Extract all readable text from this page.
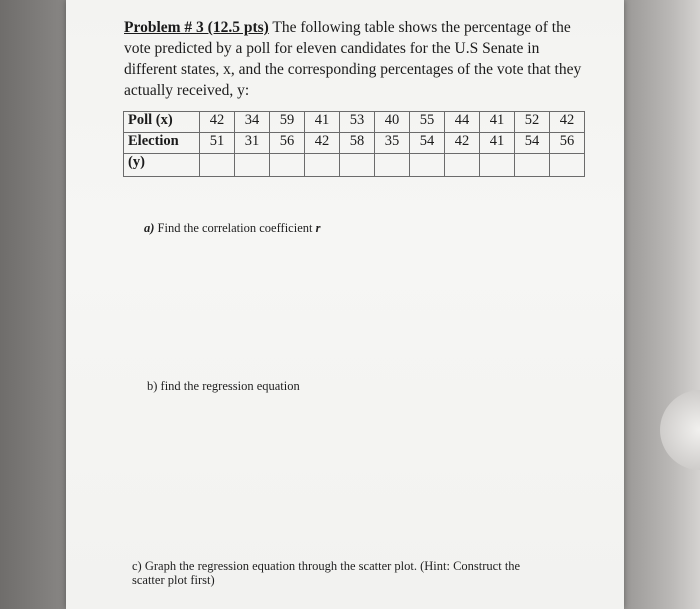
Problem # 3 (12.5 pts) The following table shows the percentage of the vote predicted by a poll for eleven candidates for the U.S Senate in different states, x, and the corresponding percentages of the vote that they actually received, y:
Poll (x)	42	34	59	41	53	40	55	44	41	52	42
Election	51	31	56	42	58	35	54	42	41	54	56
(y)											
a) Find the correlation coefficient r
b) find the regression equation
c) Graph the regression equation through the scatter plot. (Hint: Construct the scatter plot first)
